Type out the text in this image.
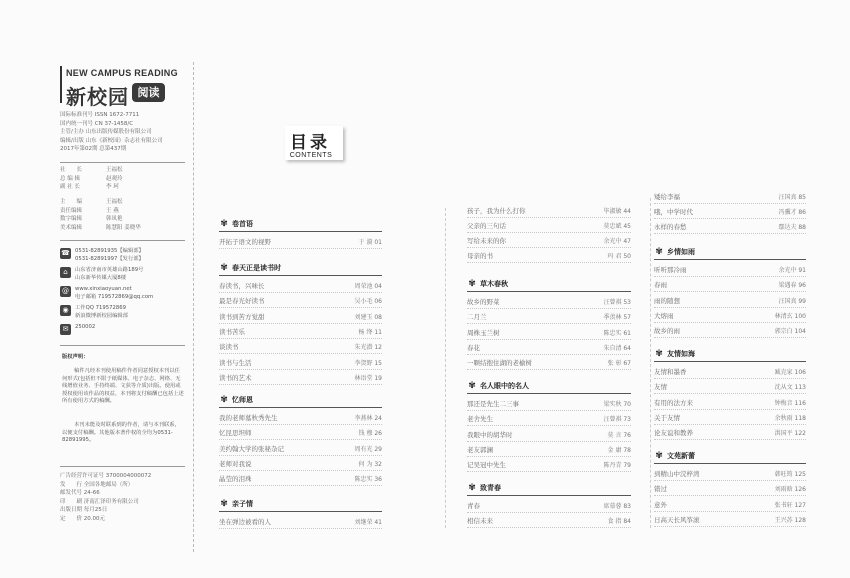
NEW CAMPUS READING
新校园 阅读
国际标准刊号 ISSN 1672-7711
国内统一刊号 CN 37-1458/C
主管/主办 山东出版传媒股份有限公司
编辑/出版 山东《新校园》杂志社有限公司
2017年第02期 总第437期
社　　长	王福松
总 编 辑	赵观玲
副 社 长	李 珂
主　　编	王福松
责任编辑	王 燕
数字编辑	韩凤艳
美术编辑	陈慧阳 姜晓华
☎ 0531-82891935【编辑部】
0531-82891997【发行部】
⌂	山东省济南市英雄山路189号
山东新华传媒大厦8楼
@	www.xinxiaoyuan.net
电子邮箱 719572869@qq.com
◉	工作QQ 719572869
新浪微博新校园编辑部
✉	250002
版权声明：
稿件凡经本刊使用稿件作者同意授权本刊以任何形式(包括但不限于纸媒体、电子杂志、网络、无线增值业务、手持终端、文获等介质)出版。使用或授权使用该作品的权益，本刊将支付稿酬已包括上述所有使用方式的稿酬。
本刊未能及时联系到的作者，请与本刊联系，以便支付稿酬。其他版本著作权的全均为0531-82891995。
广告经营许可证号 3700004000072
发　　行 全国各地邮局（所）
邮发代号 24-66
印　　刷 济南汇泽印务有限公司
出版日期 每月25日
定　　价 20.00元
目录
CONTENTS
✾ 卷首语
开拓子语文的视野	于 漪 01
✾ 春天正是读书时
春读书，兴味长	周荣池 04
最是春光好读书	吴小毛 06
读书到苦方觉甜	刘建玉 08
读书苦乐	杨 绛 11
谈读书	朱光潜 12
读书与生活	李贺野 15
读书的艺术	林语堂 19
✾ 忆师恩
我的老师墓秋秀先生	李燕林 24
忆昆思坦师	钱 穆 26
美约翰大学的张秘杂记	周有光 29
老师对我说	何 为 32
晶莹的泪珠	陈忠实 36
✾ 亲子情
坐在弹边被看的人	刘继荣 41
孩子，我为什么打你	毕淑敏 44
父亲的三句话	莫忠斌 45
写给未来的你	余光中 47
母亲的书	玛 君 50
✾ 草木春秋
故乡的野菜	汪曾祺 53
二月兰	季羡林 57
周株玉兰树	陈忠实 61
春花	朱自清 64
一颗结抱住湖的老榆树	张 彰 67
✾ 名人眼中的名人
那还是先生二三事	梁实秋 70
老舍先生	汪曾祺 73
我眼中的胡华时	莫 言 76
老友郭澜	金 庸 78
记吴冠中先生	陈丹青 79
✾ 致青春
青春	席慕蓉 83
相信未来	食 指 84
矮给李福	汪国真 85
哦，中学时代	冯骥才 86
永样的春愁	鄢达夫 88
✾ 乡情如雨
听听那冷雨	余光中 91
春雨	梁遇春 96
雨的随想	汪国真 99
大熔雨	林清玄 100
故乡的雨	郭宗白 104
✾ 友情如海
友情和墨香	臧克家 106
友情	沈从文 113
有用的法方来	钟梅音 116
关于友情	余秋雨 118
论友谊和教养	洪国平 122
✾ 文苑新蕾
到精山中浣梓湾	韩旺筠 125
错过	刘雨晗 126
意外	张书轩 127
日高天长风筝滚	王兴苏 128
